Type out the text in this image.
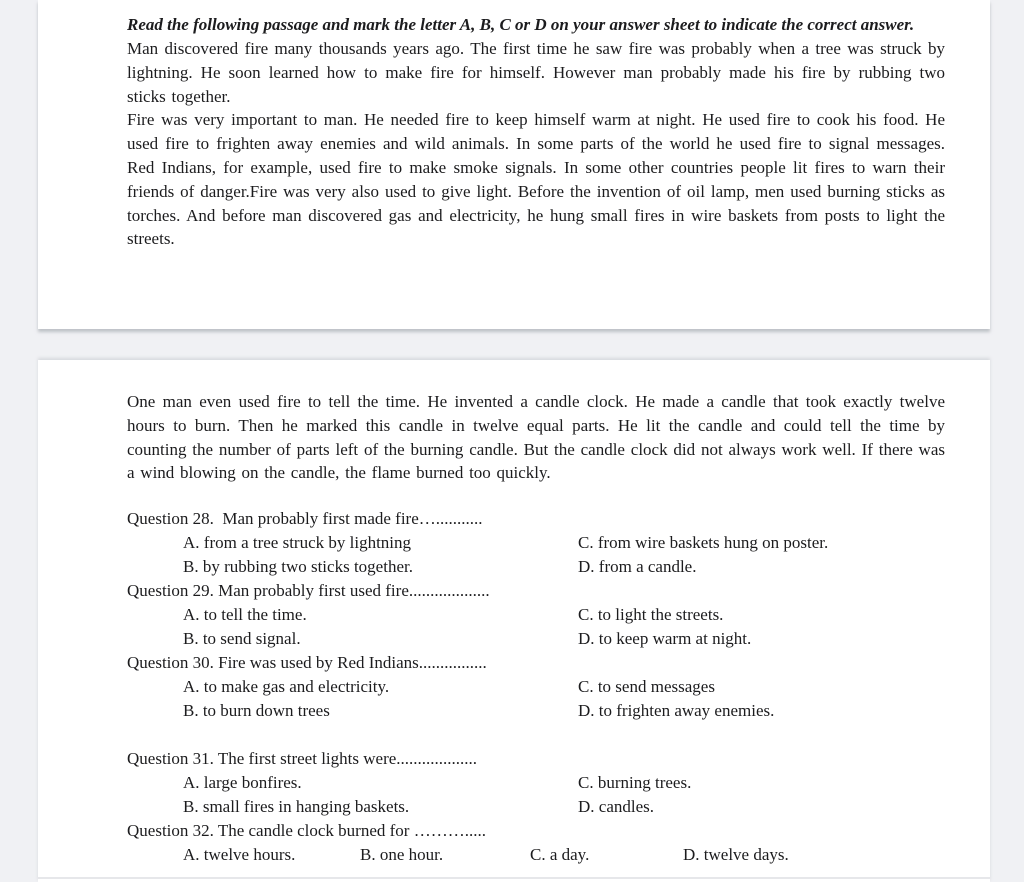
Read the following passage and mark the letter A, B, C or D on your answer sheet to indicate the correct answer.

Man discovered fire many thousands years ago. The first time he saw fire was probably when a tree was struck by lightning. He soon learned how to make fire for himself. However man probably made his fire by rubbing two sticks together.

Fire was very important to man. He needed fire to keep himself warm at night. He used fire to cook his food. He used fire to frighten away enemies and wild animals. In some parts of the world he used fire to signal messages. Red Indians, for example, used fire to make smoke signals. In some other countries people lit fires to warn their friends of danger.Fire was very also used to give light. Before the invention of oil lamp, men used burning sticks as torches. And before man discovered gas and electricity, he hung small fires in wire baskets from posts to light the streets.

One man even used fire to tell the time. He invented a candle clock. He made a candle that took exactly twelve hours to burn. Then he marked this candle in twelve equal parts. He lit the candle and could tell the time by counting the number of parts left of the burning candle. But the candle clock did not always work well. If there was a wind blowing on the candle, the flame burned too quickly.

Question 28.  Man probably first made fire…...........
A. from a tree struck by lightning	C. from wire baskets hung on poster.
B. by rubbing two sticks together.	D. from a candle.
Question 29. Man probably first used fire...................
A. to tell the time.	C. to light the streets.
B. to send signal.	D. to keep warm at night.
Question 30. Fire was used by Red Indians................
A. to make gas and electricity.	C. to send messages
B. to burn down trees	D. to frighten away enemies.
Question 31. The first street lights were...................
A. large bonfires.	C. burning trees.
B. small fires in hanging baskets.	D. candles.
Question 32. The candle clock burned for ……….....
A. twelve hours.	B. one hour.	C. a day.	D. twelve days.
